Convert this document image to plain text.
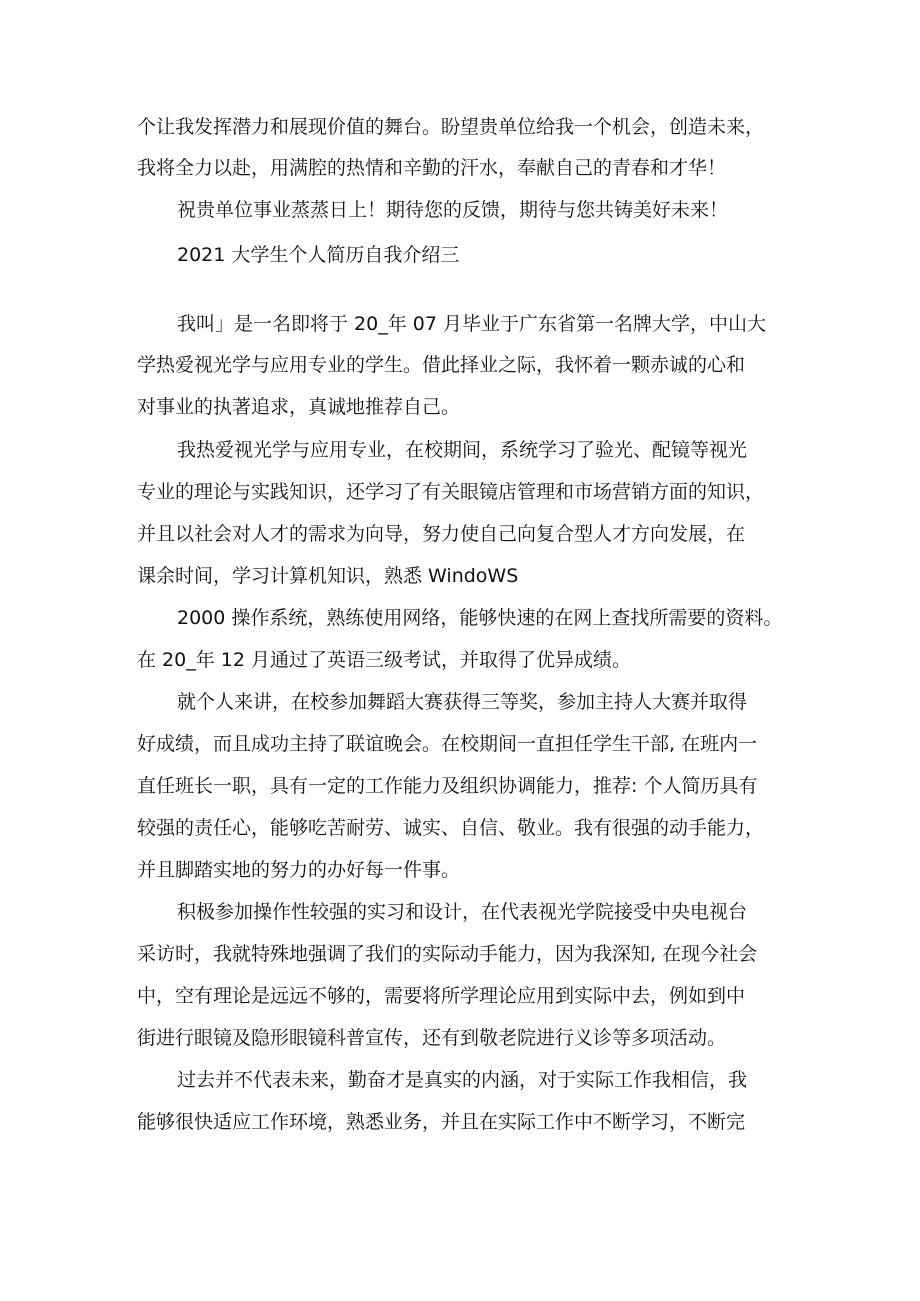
个让我发挥潜力和展现价值的舞台。盼望贵单位给我一个机会，创造未来，
我将全力以赴，用满腔的热情和辛勤的汗水，奉献自己的青春和才华！
祝贵单位事业蒸蒸日上！期待您的反馈，期待与您共铸美好未来！
2021 大学生个人简历自我介绍三
我叫」是一名即将于 20_年 07 月毕业于广东省第一名牌大学，中山大
学热爱视光学与应用专业的学生。借此择业之际，我怀着一颗赤诚的心和
对事业的执著追求，真诚地推荐自己。
我热爱视光学与应用专业，在校期间，系统学习了验光、配镜等视光
专业的理论与实践知识，还学习了有关眼镜店管理和市场营销方面的知识，
并且以社会对人才的需求为向导，努力使自己向复合型人才方向发展，在
课余时间，学习计算机知识，熟悉 WindoWS
2000 操作系统，熟练使用网络，能够快速的在网上查找所需要的资料。
在 20_年 12 月通过了英语三级考试，并取得了优异成绩。
就个人来讲，在校参加舞蹈大赛获得三等奖，参加主持人大赛并取得
好成绩，而且成功主持了联谊晚会。在校期间一直担任学生干部, 在班内一
直任班长一职，具有一定的工作能力及组织协调能力，推荐: 个人简历具有
较强的责任心，能够吃苦耐劳、诚实、自信、敬业。我有很强的动手能力，
并且脚踏实地的努力的办好每一件事。
积极参加操作性较强的实习和设计，在代表视光学院接受中央电视台
采访时，我就特殊地强调了我们的实际动手能力，因为我深知, 在现今社会
中，空有理论是远远不够的，需要将所学理论应用到实际中去，例如到中
街进行眼镜及隐形眼镜科普宣传，还有到敬老院进行义诊等多项活动。
过去并不代表未来，勤奋才是真实的内涵，对于实际工作我相信，我
能够很快适应工作环境，熟悉业务，并且在实际工作中不断学习，不断完
